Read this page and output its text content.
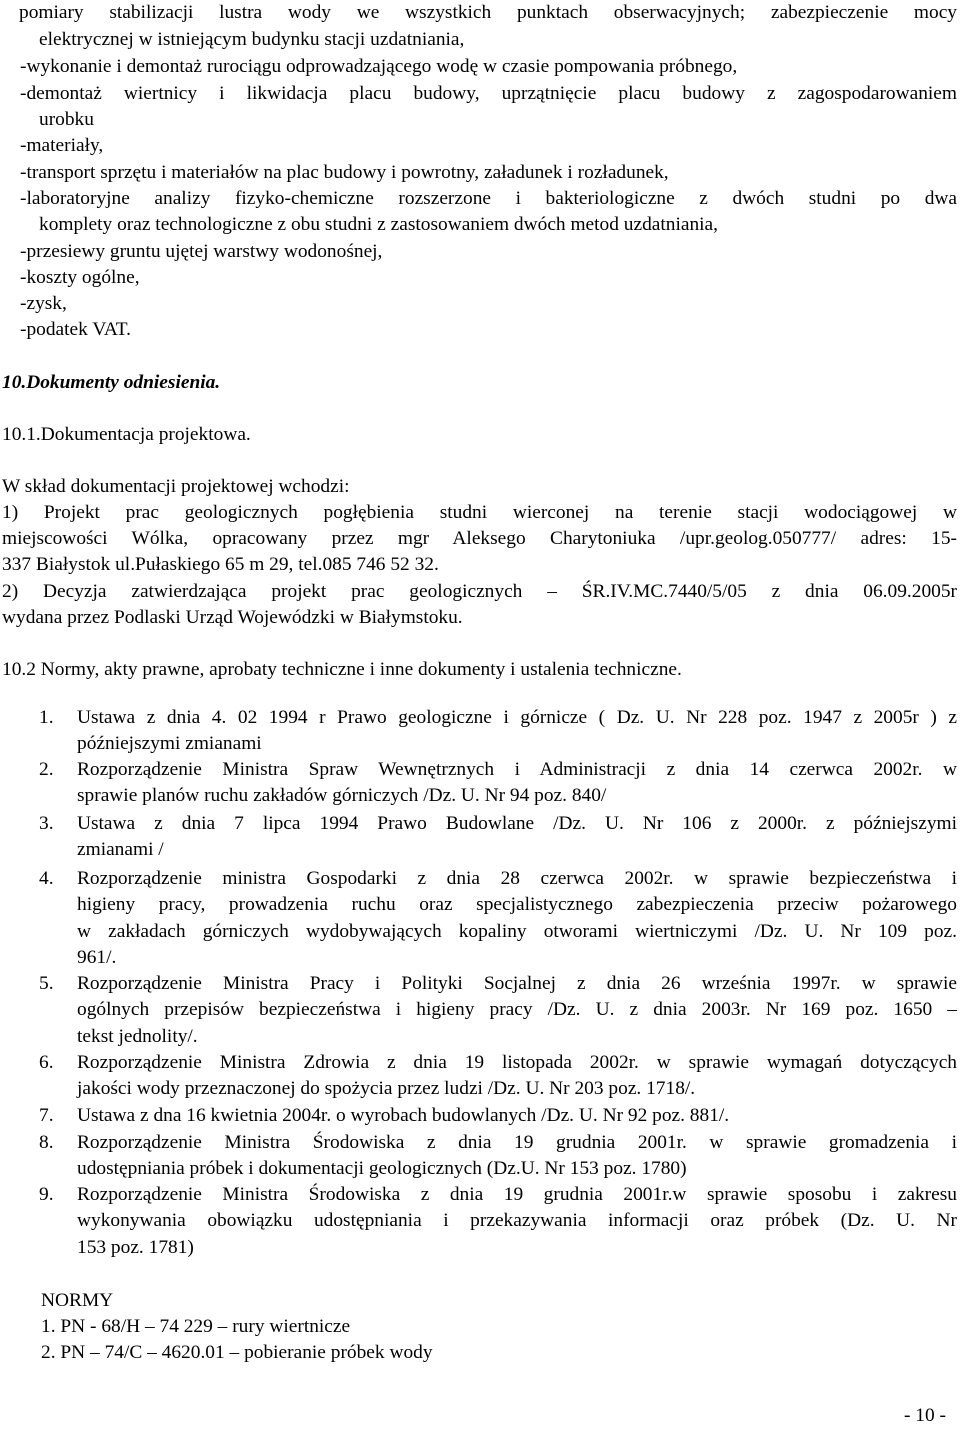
pomiary stabilizacji lustra wody we wszystkich punktach obserwacyjnych; zabezpieczenie mocy
elektrycznej w istniejącym budynku stacji uzdatniania,
-wykonanie i demontaż rurociągu odprowadzającego wodę w czasie pompowania próbnego,
-demontaż wiertnicy i likwidacja placu budowy, uprzątnięcie placu budowy z zagospodarowaniem
urobku
-materiały,
-transport sprzętu i materiałów na plac budowy i powrotny, załadunek i rozładunek,
-laboratoryjne analizy fizyko-chemiczne rozszerzone i bakteriologiczne z dwóch studni po dwa
komplety oraz technologiczne z obu studni z zastosowaniem dwóch metod uzdatniania,
-przesiewy gruntu ujętej warstwy wodonośnej,
-koszty ogólne,
-zysk,
-podatek VAT.
10.Dokumenty odniesienia.
10.1.Dokumentacja projektowa.
W skład dokumentacji projektowej wchodzi:
1) Projekt prac geologicznych pogłębienia studni wierconej na terenie stacji wodociągowej w
miejscowości Wólka, opracowany przez mgr Aleksego Charytoniuka /upr.geolog.050777/ adres: 15-
337 Białystok ul.Pułaskiego 65 m 29, tel.085 746 52 32.
2) Decyzja zatwierdzająca projekt prac geologicznych – ŚR.IV.MC.7440/5/05 z dnia 06.09.2005r
wydana przez Podlaski Urząd Wojewódzki w Białymstoku.
10.2 Normy, akty prawne, aprobaty techniczne i inne dokumenty i ustalenia techniczne.
1. Ustawa z dnia 4. 02 1994 r Prawo geologiczne i górnicze ( Dz. U. Nr 228 poz. 1947 z 2005r ) z
późniejszymi zmianami
2. Rozporządzenie Ministra Spraw Wewnętrznych i Administracji z dnia 14 czerwca 2002r. w
sprawie planów ruchu zakładów górniczych /Dz. U. Nr 94 poz. 840/
3. Ustawa z dnia 7 lipca 1994 Prawo Budowlane /Dz. U. Nr 106 z 2000r. z późniejszymi
zmianami /
4. Rozporządzenie ministra Gospodarki z dnia 28 czerwca 2002r. w sprawie bezpieczeństwa i
higieny pracy, prowadzenia ruchu oraz specjalistycznego zabezpieczenia przeciw pożarowego
w zakładach górniczych wydobywających kopaliny otworami wiertniczymi /Dz. U. Nr 109 poz.
961/.
5. Rozporządzenie Ministra Pracy i Polityki Socjalnej z dnia 26 września 1997r. w sprawie
ogólnych przepisów bezpieczeństwa i higieny pracy /Dz. U. z dnia 2003r. Nr 169 poz. 1650 –
tekst jednolity/.
6. Rozporządzenie Ministra Zdrowia z dnia 19 listopada 2002r. w sprawie wymagań dotyczących
jakości wody przeznaczonej do spożycia przez ludzi /Dz. U. Nr 203 poz. 1718/.
7. Ustawa z dna 16 kwietnia 2004r. o wyrobach budowlanych /Dz. U. Nr 92 poz. 881/.
8. Rozporządzenie Ministra Środowiska z dnia 19 grudnia 2001r. w sprawie gromadzenia i
udostępniania próbek i dokumentacji geologicznych (Dz.U. Nr 153 poz. 1780)
9. Rozporządzenie Ministra Środowiska z dnia 19 grudnia 2001r.w sprawie sposobu i zakresu
wykonywania obowiązku udostępniania i przekazywania informacji oraz próbek (Dz. U. Nr
153 poz. 1781)
NORMY
1. PN - 68/H – 74 229 – rury wiertnicze
2. PN – 74/C – 4620.01 – pobieranie próbek wody
- 10 -
